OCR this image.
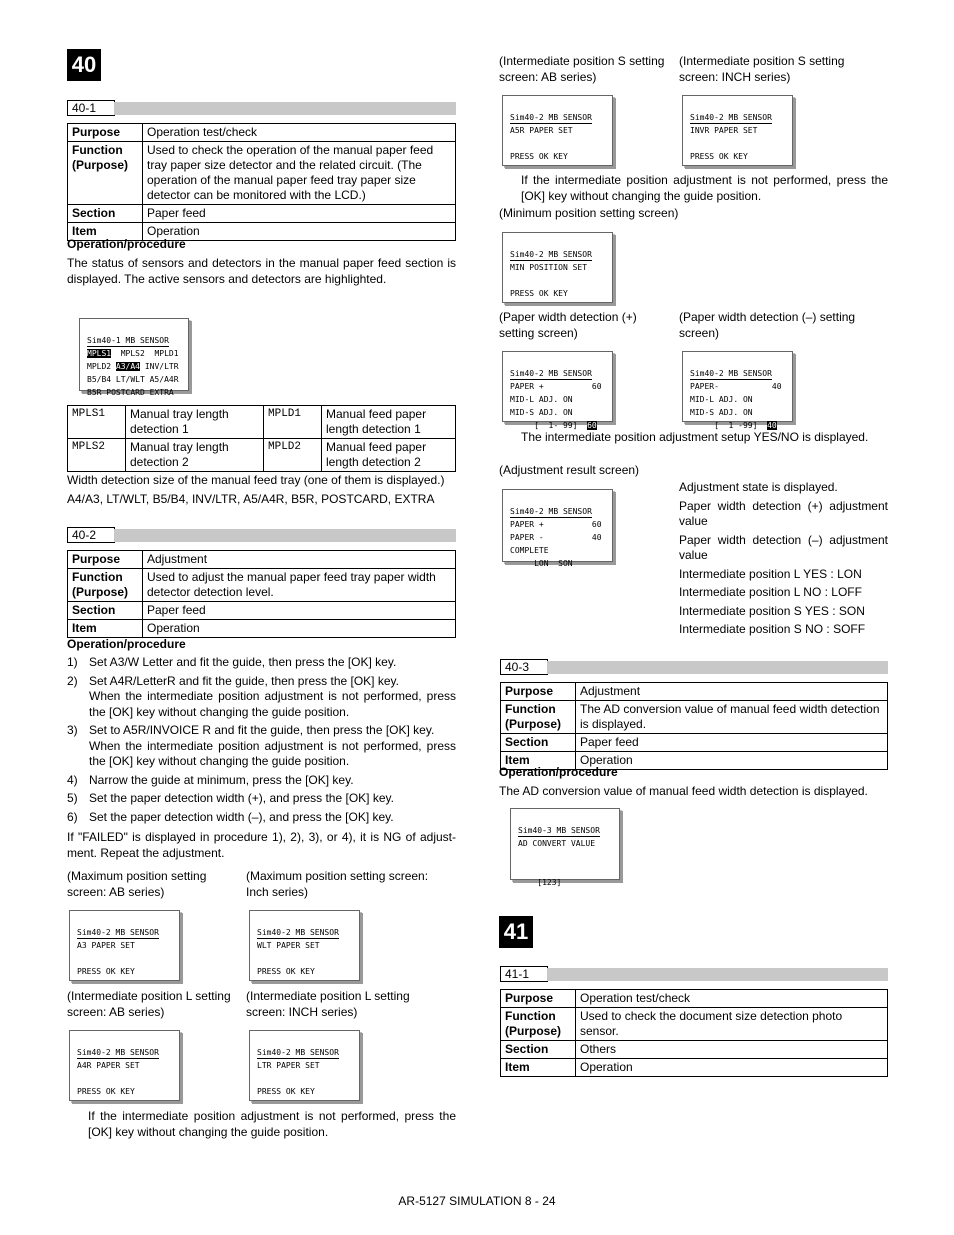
40
40-1
Purpose	Operation test/check
Function (Purpose)	Used to check the operation of the manual paper feed tray paper size detector and the related circuit. (The operation of the manual paper feed tray paper size detector can be monitored with the LCD.)
Section	Paper feed
Item	Operation
Operation/procedure
The status of sensors and detectors in the manual paper feed section is displayed. The active sensors and detectors are highlighted.

Sim40-1 MB SENSOR
MPLS1  MPLS2  MPLD1
MPLD2 A3/A4 INV/LTR
B5/B4 LT/WLT A5/A4R
B5R POSTCARD EXTRA
MPLS1	Manual tray length detection 1	MPLD1	Manual feed paper length detection 1
MPLS2	Manual tray length detection 2	MPLD2	Manual feed paper length detection 2
Width detection size of the manual feed tray (one of them is displayed.)
A4/A3, LT/WLT, B5/B4, INV/LTR, A5/A4R, B5R, POSTCARD, EXTRA
40-2
Purpose	Adjustment
Function (Purpose)	Used to adjust the manual paper feed tray paper width detector detection level.
Section	Paper feed
Item	Operation
Operation/procedure
1) Set A3/W Letter and fit the guide, then press the [OK] key.
2) Set A4R/LetterR and fit the guide, then press the [OK] key.
When the intermediate position adjustment is not performed, press the [OK] key without changing the guide position.
3) Set to A5R/INVOICE R and fit the guide, then press the [OK] key.
When the intermediate position adjustment is not performed, press the [OK] key without changing the guide position.
4) Narrow the guide at minimum, press the [OK] key.
5) Set the paper detection width (+), and press the [OK] key.
6) Set the paper detection width (–), and press the [OK] key.
If "FAILED" is displayed in procedure 1), 2), 3), or 4), it is NG of adjust-ment. Repeat the adjustment.
(Maximum position setting screen: AB series)
(Maximum position setting screen: Inch series)

Sim40-2 MB SENSOR
A3 PAPER SET
PRESS OK KEY

Sim40-2 MB SENSOR
WLT PAPER SET
PRESS OK KEY
(Intermediate position L setting screen: AB series)
(Intermediate position L setting screen: INCH series)

Sim40-2 MB SENSOR
A4R PAPER SET
PRESS OK KEY

Sim40-2 MB SENSOR
LTR PAPER SET
PRESS OK KEY
If the intermediate position adjustment is not performed, press the [OK] key without changing the guide position.
(Intermediate position S setting screen: AB series)
(Intermediate position S setting screen: INCH series)

Sim40-2 MB SENSOR
A5R PAPER SET
PRESS OK KEY

Sim40-2 MB SENSOR
INVR PAPER SET
PRESS OK KEY
If the intermediate position adjustment is not performed, press the [OK] key without changing the guide position.
(Minimum position setting screen)

Sim40-2 MB SENSOR
MIN POSITION SET
PRESS OK KEY
(Paper width detection (+) setting screen)
(Paper width detection (–) setting screen)

Sim40-2 MB SENSOR
PAPER +          60
MID-L ADJ. ON
MID-S ADJ. ON
[  1- 99]  60

Sim40-2 MB SENSOR
PAPER-           40
MID-L ADJ. ON
MID-S ADJ. ON
[  1 -99]  40
The intermediate position adjustment setup YES/NO is displayed.
(Adjustment result screen)

Sim40-2 MB SENSOR
PAPER +          60
PAPER -          40
COMPLETE
LON  SON
Adjustment state is displayed.
Paper width detection (+) adjustment value
Paper width detection (–) adjustment value
Intermediate position L YES : LON
Intermediate position L NO : LOFF
Intermediate position S YES : SON
Intermediate position S NO : SOFF
40-3
Purpose	Adjustment
Function (Purpose)	The AD conversion value of manual feed width detection is displayed.
Section	Paper feed
Item	Operation
Operation/procedure
The AD conversion value of manual feed width detection is displayed.

Sim40-3 MB SENSOR
AD CONVERT VALUE
[123]
41
41-1
Purpose	Operation test/check
Function (Purpose)	Used to check the document size detection photo sensor.
Section	Others
Item	Operation
AR-5127 SIMULATION 8 - 24
